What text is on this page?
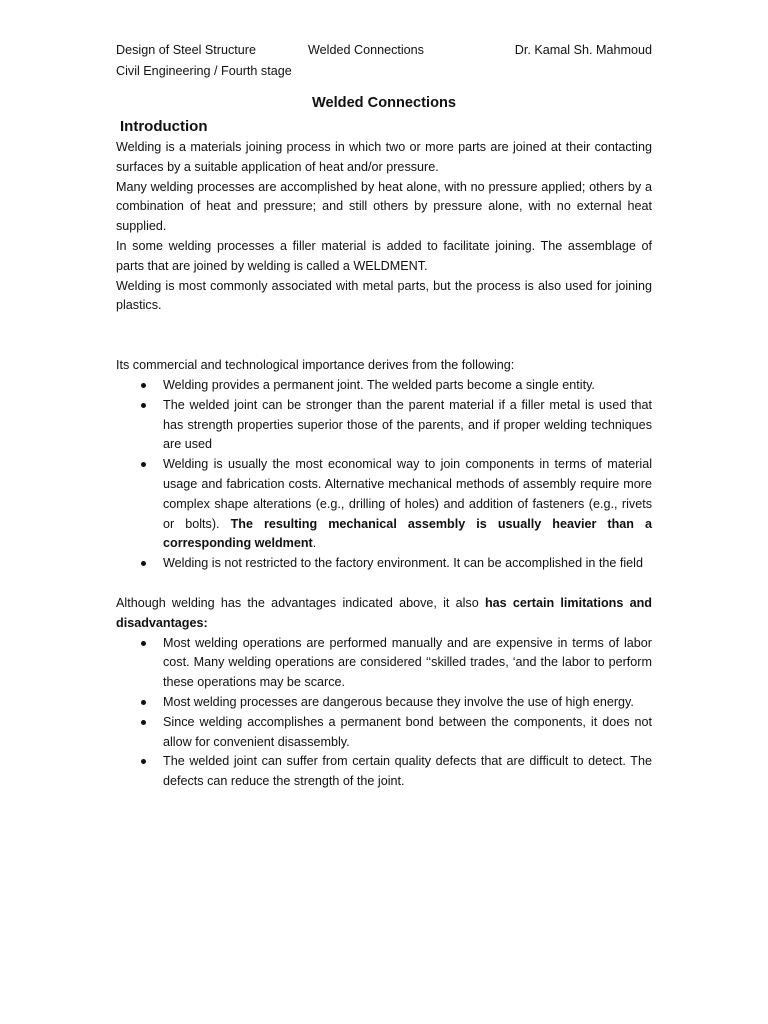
Design of Steel Structure	Welded Connections	Dr. Kamal Sh. Mahmoud
Civil Engineering / Fourth stage
Welded Connections
Introduction

Welding is a materials joining process in which two or more parts are joined at their contacting surfaces by a suitable application of heat and/or pressure.

Many welding processes are accomplished by heat alone, with no pressure applied; others by a combination of heat and pressure; and still others by pressure alone, with no external heat supplied.

In some welding processes a filler material is added to facilitate joining. The assemblage of parts that are joined by welding is called a WELDMENT.

Welding is most commonly associated with metal parts, but the process is also used for joining plastics.

Its commercial and technological importance derives from the following:

Welding provides a permanent joint. The welded parts become a single entity.
The welded joint can be stronger than the parent material if a filler metal is used that has strength properties superior those of the parents, and if proper welding techniques are used
Welding is usually the most economical way to join components in terms of material usage and fabrication costs. Alternative mechanical methods of assembly require more complex shape alterations (e.g., drilling of holes) and addition of fasteners (e.g., rivets or bolts). The resulting mechanical assembly is usually heavier than a corresponding weldment.
Welding is not restricted to the factory environment. It can be accomplished in the field

Although welding has the advantages indicated above, it also has certain limitations and disadvantages:

Most welding operations are performed manually and are expensive in terms of labor cost. Many welding operations are considered ‘‘skilled trades, ‘and the labor to perform these operations may be scarce.
Most welding processes are dangerous because they involve the use of high energy.
Since welding accomplishes a permanent bond between the components, it does not allow for convenient disassembly.
The welded joint can suffer from certain quality defects that are difficult to detect. The defects can reduce the strength of the joint.
